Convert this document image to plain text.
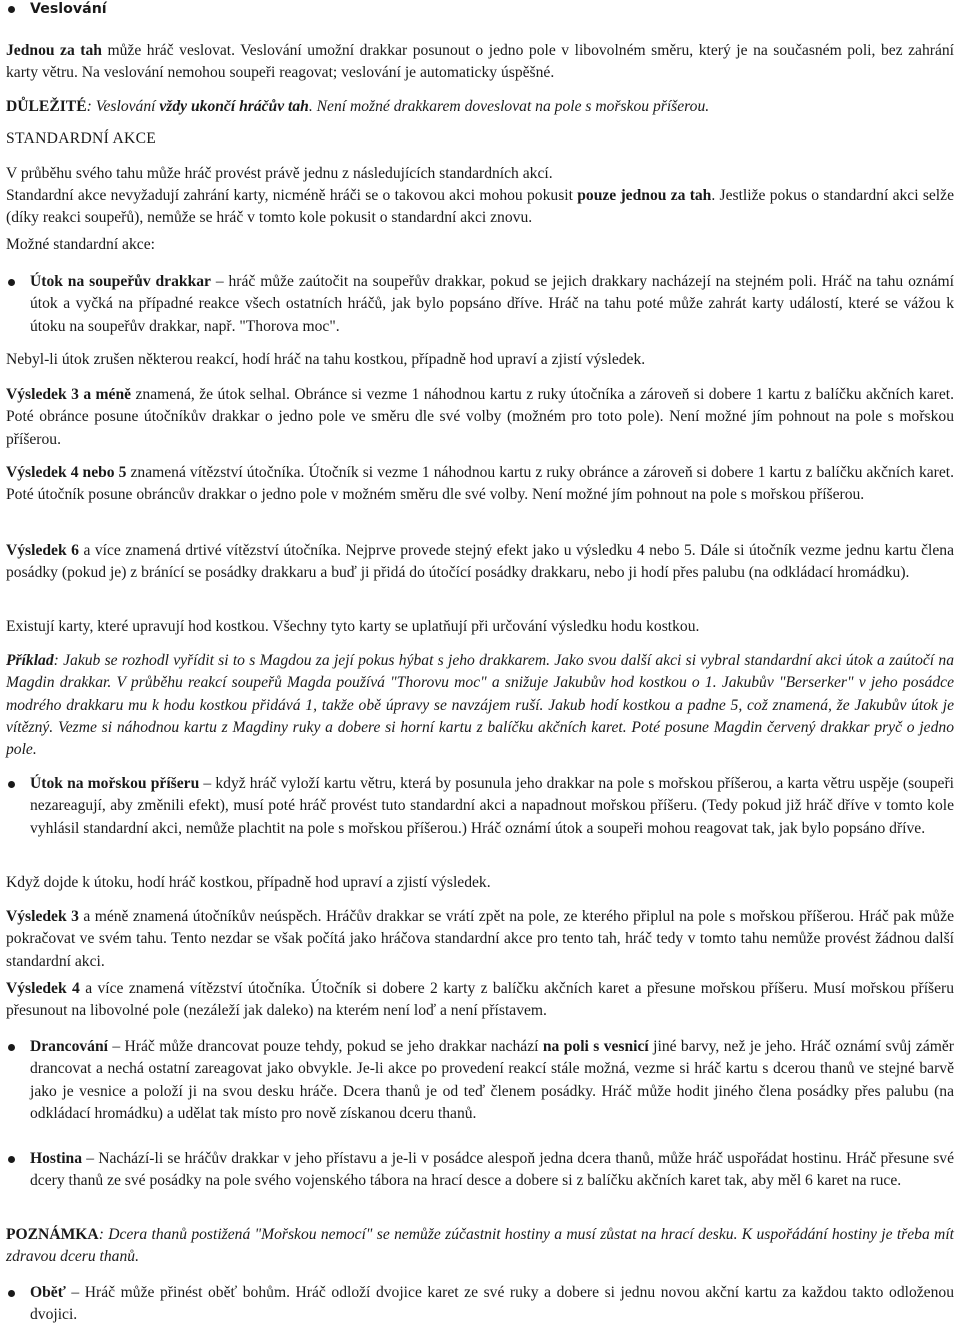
Veslování

Jednou za tah může hráč veslovat. Veslování umožní drakkar posunout o jedno pole v libovolném směru, který je na současném poli, bez zahrání karty větru. Na veslování nemohou soupeři reagovat; veslování je automaticky úspěšné.

DŮLEŽITÉ: Veslování vždy ukončí hráčův tah. Není možné drakkarem doveslovat na pole s mořskou příšerou.

STANDARDNÍ AKCE

V průběhu svého tahu může hráč provést právě jednu z následujících standardních akcí.

Standardní akce nevyžadují zahrání karty, nicméně hráči se o takovou akci mohou pokusit pouze jednou za tah. Jestliže pokus o standardní akci selže (díky reakci soupeřů), nemůže se hráč v tomto kole pokusit o standardní akci znovu.

Možné standardní akce:

Útok na soupeřův drakkar – hráč může zaútočit na soupeřův drakkar, pokud se jejich drakkary nacházejí na stejném poli. Hráč na tahu oznámí útok a vyčká na případné reakce všech ostatních hráčů, jak bylo popsáno dříve. Hráč na tahu poté může zahrát karty událostí, které se vážou k útoku na soupeřův drakkar, např. "Thorova moc".

Nebyl-li útok zrušen některou reakcí, hodí hráč na tahu kostkou, případně hod upraví a zjistí výsledek.

Výsledek 3 a méně znamená, že útok selhal. Obránce si vezme 1 náhodnou kartu z ruky útočníka a zároveň si dobere 1 kartu z balíčku akčních karet. Poté obránce posune útočníkův drakkar o jedno pole ve směru dle své volby (možném pro toto pole). Není možné jím pohnout na pole s mořskou příšerou.

Výsledek 4 nebo 5 znamená vítězství útočníka. Útočník si vezme 1 náhodnou kartu z ruky obránce a zároveň si dobere 1 kartu z balíčku akčních karet. Poté útočník posune obráncův drakkar o jedno pole v možném směru dle své volby. Není možné jím pohnout na pole s mořskou příšerou.

Výsledek 6 a více znamená drtivé vítězství útočníka. Nejprve provede stejný efekt jako u výsledku 4 nebo 5. Dále si útočník vezme jednu kartu člena posádky (pokud je) z bránící se posádky drakkaru a buď ji přidá do útočící posádky drakkaru, nebo ji hodí přes palubu (na odkládací hromádku).

Existují karty, které upravují hod kostkou. Všechny tyto karty se uplatňují při určování výsledku hodu kostkou.

Příklad: Jakub se rozhodl vyřídit si to s Magdou za její pokus hýbat s jeho drakkarem. Jako svou další akci si vybral standardní akci útok a zaútočí na Magdin drakkar. V průběhu reakcí soupeřů Magda používá "Thorovu moc" a snižuje Jakubův hod kostkou o 1. Jakubův "Berserker" v jeho posádce modrého drakkaru mu k hodu kostkou přidává 1, takže obě úpravy se navzájem ruší. Jakub hodí kostkou a padne 5, což znamená, že Jakubův útok je vítězný. Vezme si náhodnou kartu z Magdiny ruky a dobere si horní kartu z balíčku akčních karet. Poté posune Magdin červený drakkar pryč o jedno pole.

Útok na mořskou příšeru – když hráč vyloží kartu větru, která by posunula jeho drakkar na pole s mořskou příšerou, a karta větru uspěje (soupeři nezareagují, aby změnili efekt), musí poté hráč provést tuto standardní akci a napadnout mořskou příšeru. (Tedy pokud již hráč dříve v tomto kole vyhlásil standardní akci, nemůže plachtit na pole s mořskou příšerou.) Hráč oznámí útok a soupeři mohou reagovat tak, jak bylo popsáno dříve.

Když dojde k útoku, hodí hráč kostkou, případně hod upraví a zjistí výsledek.

Výsledek 3 a méně znamená útočníkův neúspěch. Hráčův drakkar se vrátí zpět na pole, ze kterého připlul na pole s mořskou příšerou. Hráč pak může pokračovat ve svém tahu. Tento nezdar se však počítá jako hráčova standardní akce pro tento tah, hráč tedy v tomto tahu nemůže provést žádnou další standardní akci.

Výsledek 4 a více znamená vítězství útočníka. Útočník si dobere 2 karty z balíčku akčních karet a přesune mořskou příšeru. Musí mořskou příšeru přesunout na libovolné pole (nezáleží jak daleko) na kterém není loď a není přístavem.

Drancování – Hráč může drancovat pouze tehdy, pokud se jeho drakkar nachází na poli s vesnicí jiné barvy, než je jeho. Hráč oznámí svůj záměr drancovat a nechá ostatní zareagovat jako obvykle. Je-li akce po provedení reakcí stále možná, vezme si hráč kartu s dcerou thanů ve stejné barvě jako je vesnice a položí ji na svou desku hráče. Dcera thanů je od teď členem posádky. Hráč může hodit jiného člena posádky přes palubu (na odkládací hromádku) a udělat tak místo pro nově získanou dceru thanů.
Hostina – Nachází-li se hráčův drakkar v jeho přístavu a je-li v posádce alespoň jedna dcera thanů, může hráč uspořádat hostinu. Hráč přesune své dcery thanů ze své posádky na pole svého vojenského tábora na hrací desce a dobere si z balíčku akčních karet tak, aby měl 6 karet na ruce.

POZNÁMKA: Dcera thanů postižená "Mořskou nemocí" se nemůže zúčastnit hostiny a musí zůstat na hrací desku. K uspořádání hostiny je třeba mít zdravou dceru thanů.

Oběť – Hráč může přinést oběť bohům. Hráč odloží dvojice karet ze své ruky a dobere si jednu novou akční kartu za každou takto odloženou dvojici.
